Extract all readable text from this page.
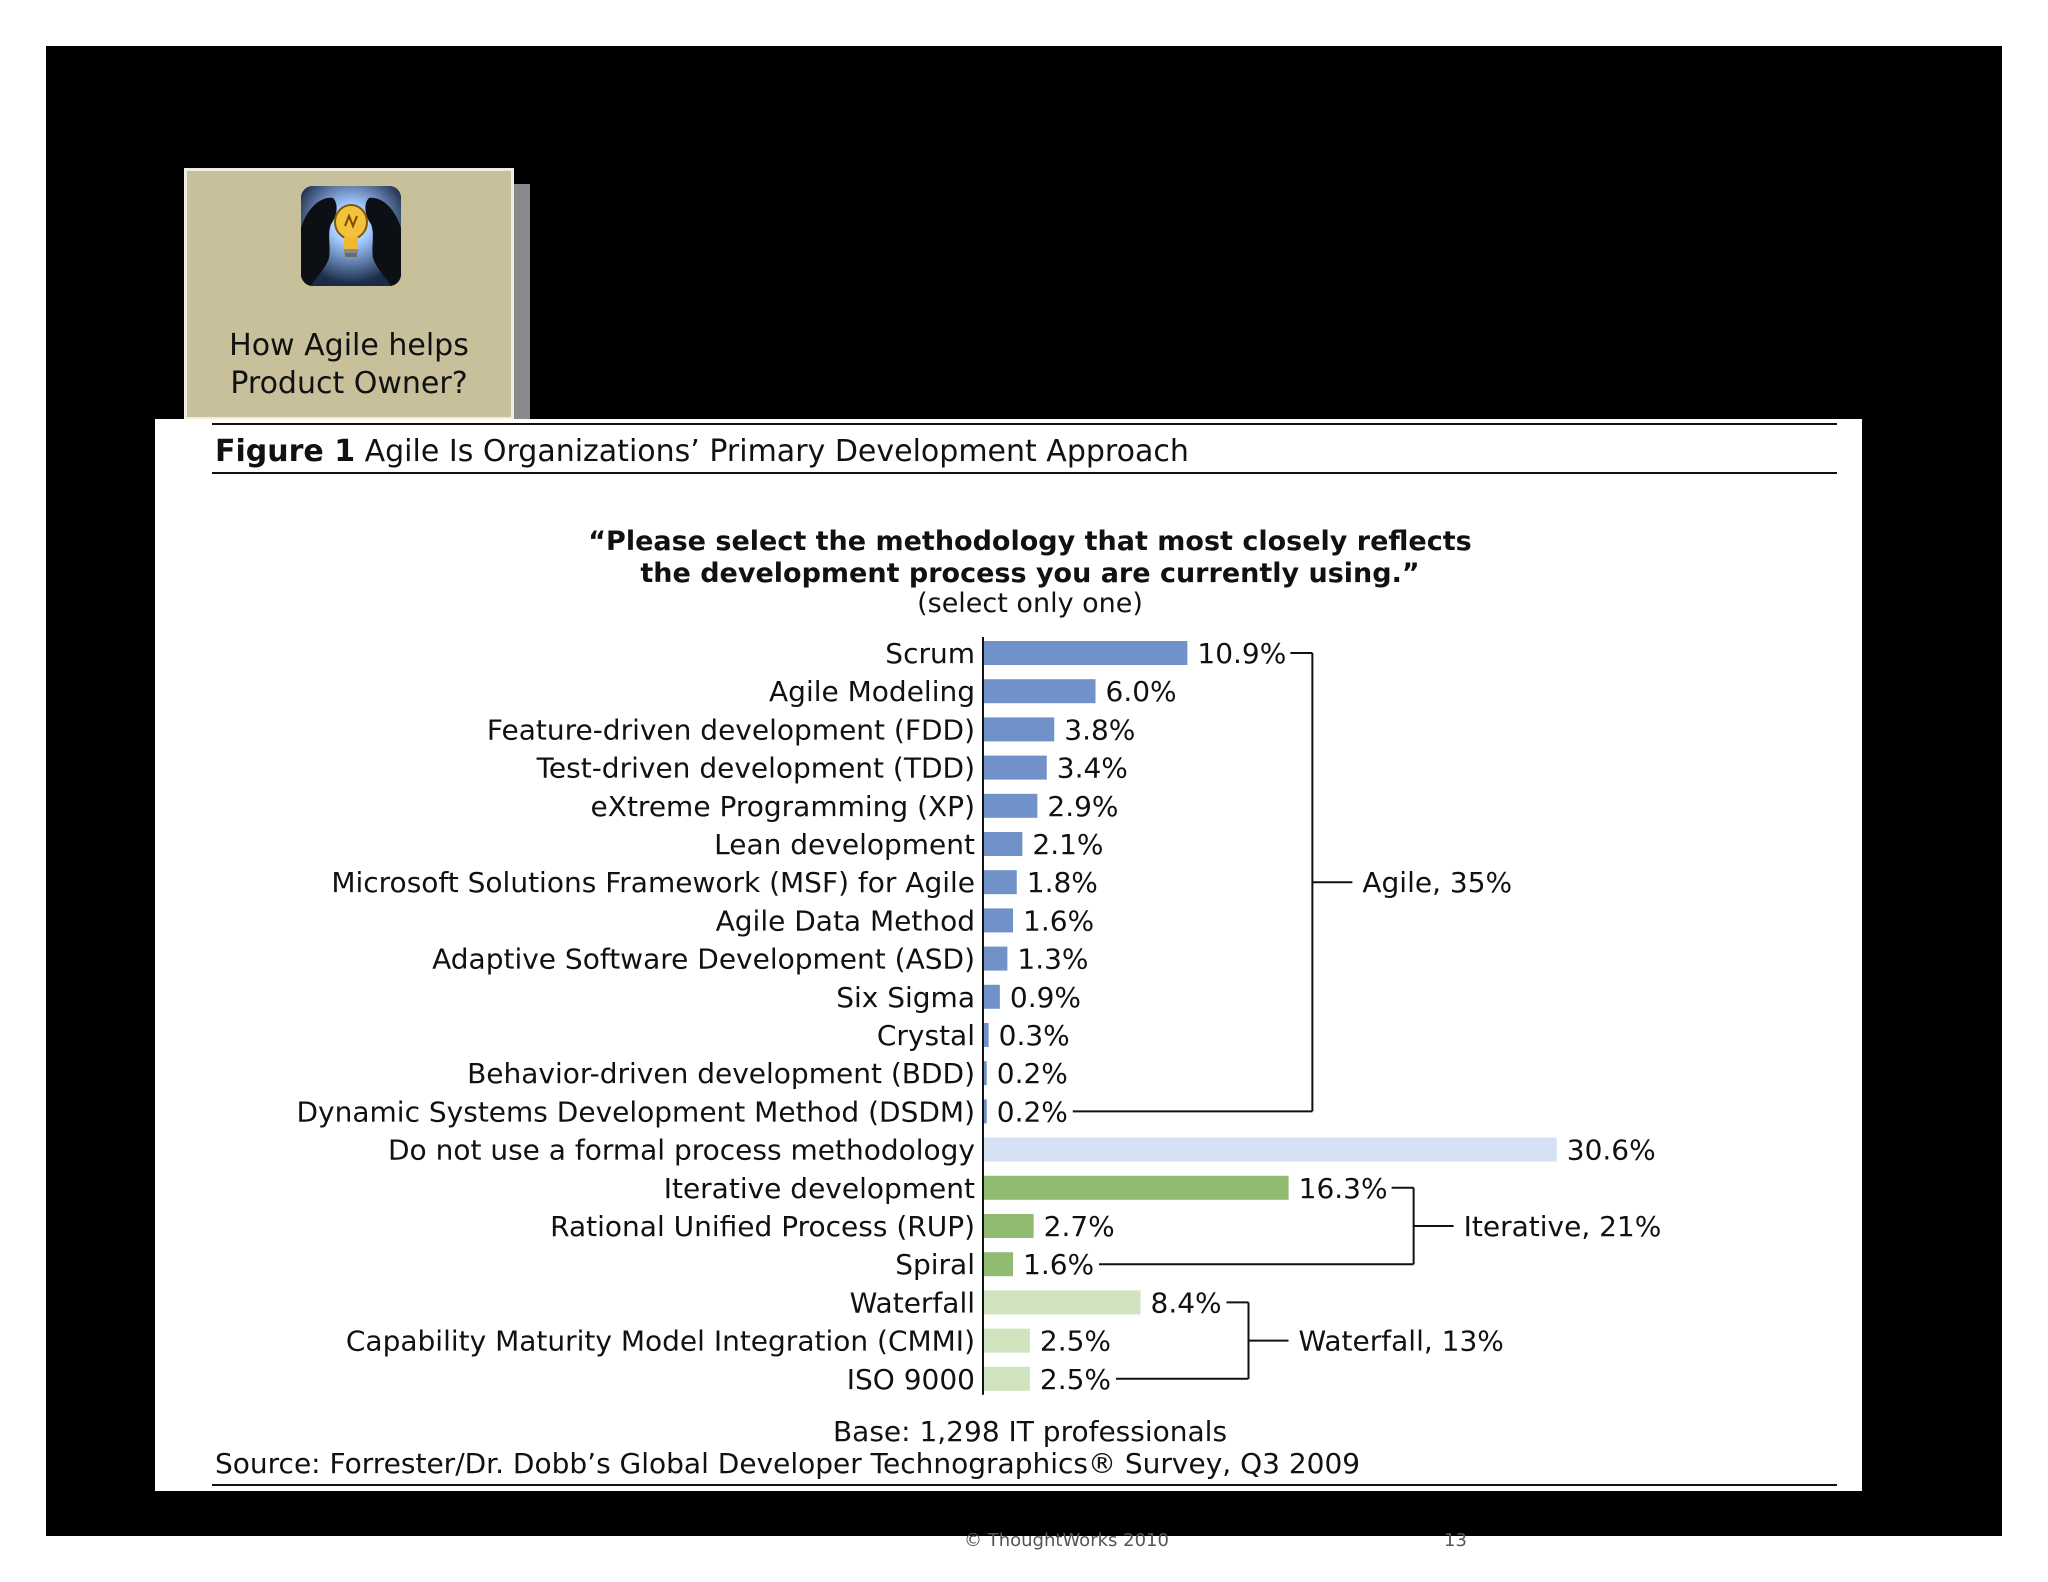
How Agile helps
Product Owner?
© ThoughtWorks 2010	13
Figure 1 Agile Is Organizations’ Primary Development Approach
“Please select the methodology that most closely reflects
the development process you are currently using.”
(select only one)
Scrum	10.9%
Agile Modeling	6.0%
Feature-driven development (FDD)	3.8%
Test-driven development (TDD)	3.4%
eXtreme Programming (XP)	2.9%
Lean development 2.1%
Microsoft Solutions Framework (MSF) for Agile 1.8%
Agile Data Method 1.6%
Adaptive Software Development (ASD) 1.3%
Six Sigma 0.9%
Crystal 0.3%
Behavior-driven development (BDD) 0.2%
Dynamic Systems Development Method (DSDM) 0.2%
Do not use a formal process methodology	30.6%
Iterative development	16.3%
Rational Unified Process (RUP) 2.7%
Spiral 1.6%
Waterfall	8.4%
Capability Maturity Model Integration (CMMI) 2.5%
ISO 9000 2.5%
Agile, 35%
Iterative, 21%
Waterfall, 13%
Base: 1,298 IT professionals
Source: Forrester/Dr. Dobb’s Global Developer Technographics® Survey, Q3 2009
